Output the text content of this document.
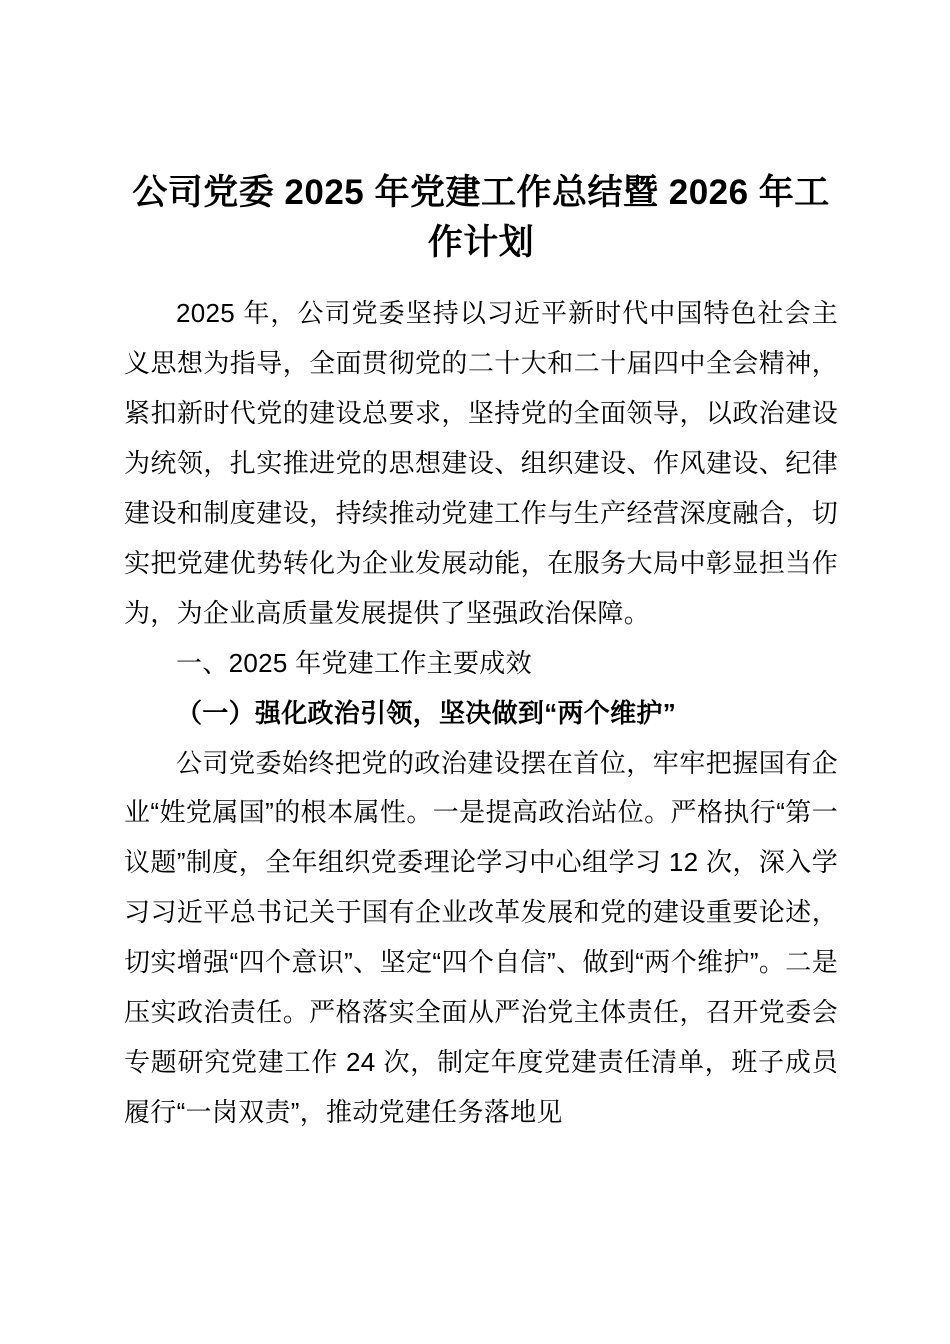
公司党委 2025 年党建工作总结暨 2026 年工作计划

2025 年，公司党委坚持以习近平新时代中国特色社会主义思想为指导，全面贯彻党的二十大和二十届四中全会精神，紧扣新时代党的建设总要求，坚持党的全面领导，以政治建设为统领，扎实推进党的思想建设、组织建设、作风建设、纪律建设和制度建设，持续推动党建工作与生产经营深度融合，切实把党建优势转化为企业发展动能，在服务大局中彰显担当作为，为企业高质量发展提供了坚强政治保障。

一、2025 年党建工作主要成效

（一）强化政治引领，坚决做到“两个维护”

公司党委始终把党的政治建设摆在首位，牢牢把握国有企业“姓党属国”的根本属性。一是提高政治站位。严格执行“第一议题”制度，全年组织党委理论学习中心组学习 12 次，深入学习习近平总书记关于国有企业改革发展和党的建设重要论述，切实增强“四个意识”、坚定“四个自信”、做到“两个维护”。二是压实政治责任。严格落实全面从严治党主体责任，召开党委会专题研究党建工作 24 次，制定年度党建责任清单，班子成员履行“一岗双责”，推动党建任务落地见
